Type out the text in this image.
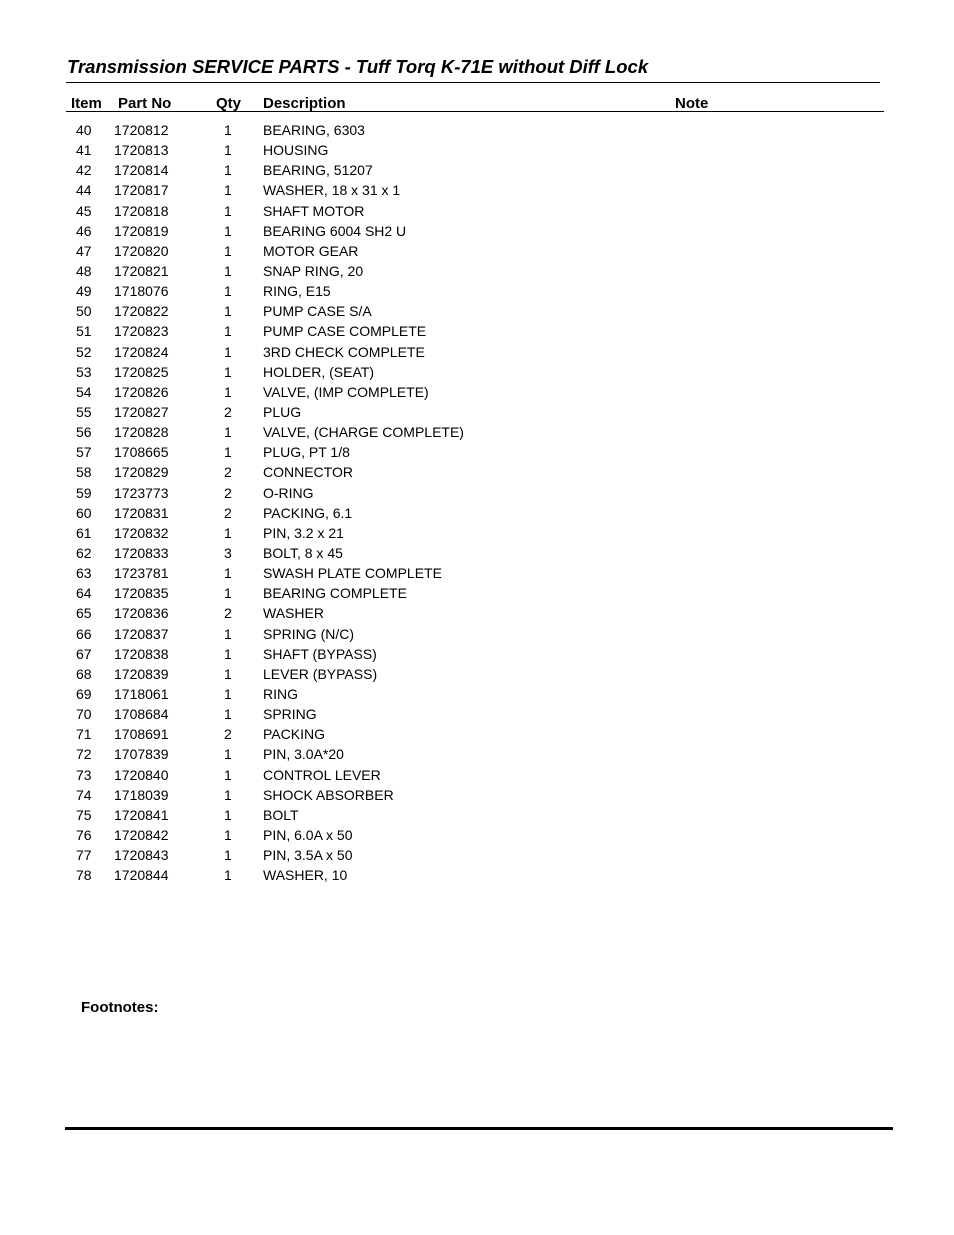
Transmission SERVICE PARTS - Tuff Torq K-71E without Diff Lock
Item Part No	Qty Description	Note
40 1720812	1 BEARING, 6303
41 1720813	1 HOUSING
42 1720814	1 BEARING, 51207
44 1720817	1 WASHER, 18 x 31 x 1
45 1720818	1 SHAFT MOTOR
46 1720819	1 BEARING 6004 SH2 U
47 1720820	1 MOTOR GEAR
48 1720821	1 SNAP RING, 20
49 1718076	1 RING, E15
50 1720822	1 PUMP CASE S/A
51 1720823	1 PUMP CASE COMPLETE
52 1720824	1 3RD CHECK COMPLETE
53 1720825	1 HOLDER, (SEAT)
54 1720826	1 VALVE, (IMP COMPLETE)
55 1720827	2 PLUG
56 1720828	1 VALVE, (CHARGE COMPLETE)
57 1708665	1 PLUG, PT 1/8
58 1720829	2 CONNECTOR
59 1723773	2 O-RING
60 1720831	2 PACKING, 6.1
61 1720832	1 PIN, 3.2 x 21
62 1720833	3 BOLT, 8 x 45
63 1723781	1 SWASH PLATE COMPLETE
64 1720835	1 BEARING COMPLETE
65 1720836	2 WASHER
66 1720837	1 SPRING (N/C)
67 1720838	1 SHAFT (BYPASS)
68 1720839	1 LEVER (BYPASS)
69 1718061	1 RING
70 1708684	1 SPRING
71 1708691	2 PACKING
72 1707839	1 PIN, 3.0A*20
73 1720840	1 CONTROL LEVER
74 1718039	1 SHOCK ABSORBER
75 1720841	1 BOLT
76 1720842	1 PIN, 6.0A x 50
77 1720843	1 PIN, 3.5A x 50
78 1720844	1 WASHER, 10
Footnotes:
